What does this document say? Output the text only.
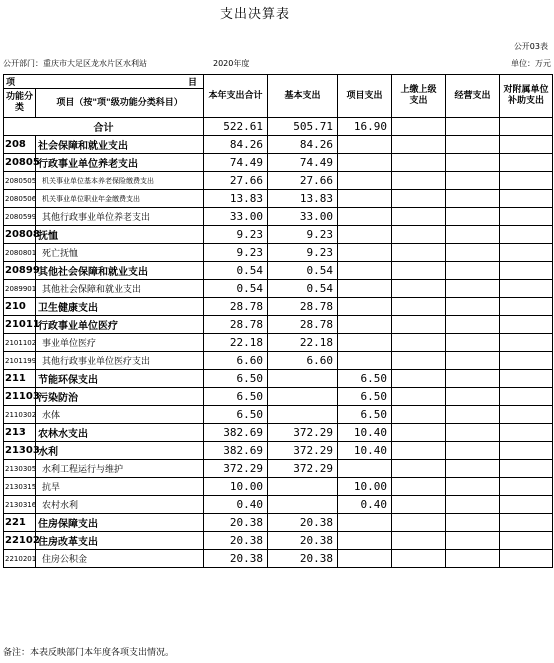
支出决算表
公开03表
公开部门：重庆市大足区龙水片区水利站	2020年度	单位：万元
项 目		本年支出合计	基本支出	项目支出	上缴上级支出	经营支出	对附属单位补助支出
功能分类	项目（按"项"级功能分类科目）						
合计		522.61	505.71	16.90			
208	社会保障和就业支出	84.26	84.26				
20805	行政事业单位养老支出	74.49	74.49				
2080505	机关事业单位基本养老保险缴费支出	27.66	27.66				
2080506	机关事业单位职业年金缴费支出	13.83	13.83				
2080599	其他行政事业单位养老支出	33.00	33.00				
20808	抚恤	9.23	9.23				
2080801	死亡抚恤	9.23	9.23				
20899	其他社会保障和就业支出	0.54	0.54				
2089901	其他社会保障和就业支出	0.54	0.54				
210	卫生健康支出	28.78	28.78				
21011	行政事业单位医疗	28.78	28.78				
2101102	事业单位医疗	22.18	22.18				
2101199	其他行政事业单位医疗支出	6.60	6.60				
211	节能环保支出	6.50		6.50			
21103	污染防治	6.50		6.50			
2110302	水体	6.50		6.50			
213	农林水支出	382.69	372.29	10.40			
21303	水利	382.69	372.29	10.40			
2130305	水利工程运行与维护	372.29	372.29				
2130315	抗旱	10.00		10.00			
2130316	农村水利	0.40		0.40			
221	住房保障支出	20.38	20.38				
22102	住房改革支出	20.38	20.38				
2210201	住房公积金	20.38	20.38				
备注：本表反映部门本年度各项支出情况。
